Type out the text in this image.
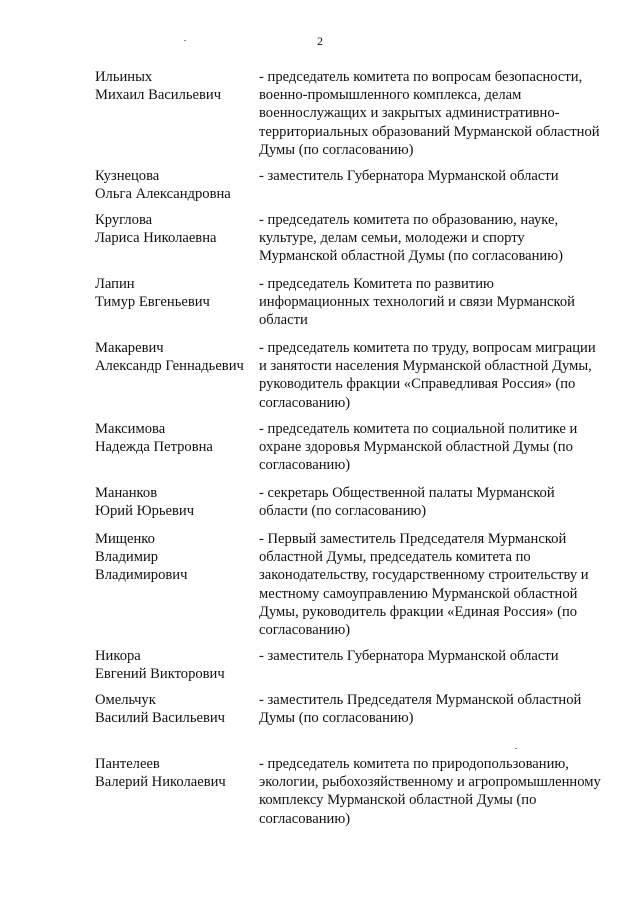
2
Ильиных
Михаил Васильевич
- председатель комитета по вопросам безопасности, военно-промышленного комплекса, делам военнослужащих и закрытых административно-территориальных образований Мурманской областной Думы (по согласованию)
Кузнецова
Ольга Александровна
- заместитель Губернатора Мурманской области
Круглова
Лариса Николаевна
- председатель комитета по образованию, науке, культуре, делам семьи, молодежи и спорту Мурманской областной Думы (по согласованию)
Лапин
Тимур Евгеньевич
- председатель Комитета по развитию информационных технологий и связи Мурманской области
Макаревич
Александр Геннадьевич
- председатель комитета по труду, вопросам миграции и занятости населения Мурманской областной Думы, руководитель фракции «Справедливая Россия» (по согласованию)
Максимова
Надежда Петровна
- председатель комитета по социальной политике и охране здоровья Мурманской областной Думы (по согласованию)
Мананков
Юрий Юрьевич
- секретарь Общественной палаты Мурманской области (по согласованию)
Мищенко
Владимир
Владимирович
- Первый заместитель Председателя Мурманской областной Думы, председатель комитета по законодательству, государственному строительству и местному самоуправлению Мурманской областной Думы, руководитель фракции «Единая Россия» (по согласованию)
Никора
Евгений Викторович
- заместитель Губернатора Мурманской области
Омельчук
Василий Васильевич
- заместитель Председателя Мурманской областной Думы (по согласованию)
Пантелеев
Валерий Николаевич
- председатель комитета по природопользованию, экологии, рыбохозяйственному и агропромышленному комплексу Мурманской областной Думы (по согласованию)
